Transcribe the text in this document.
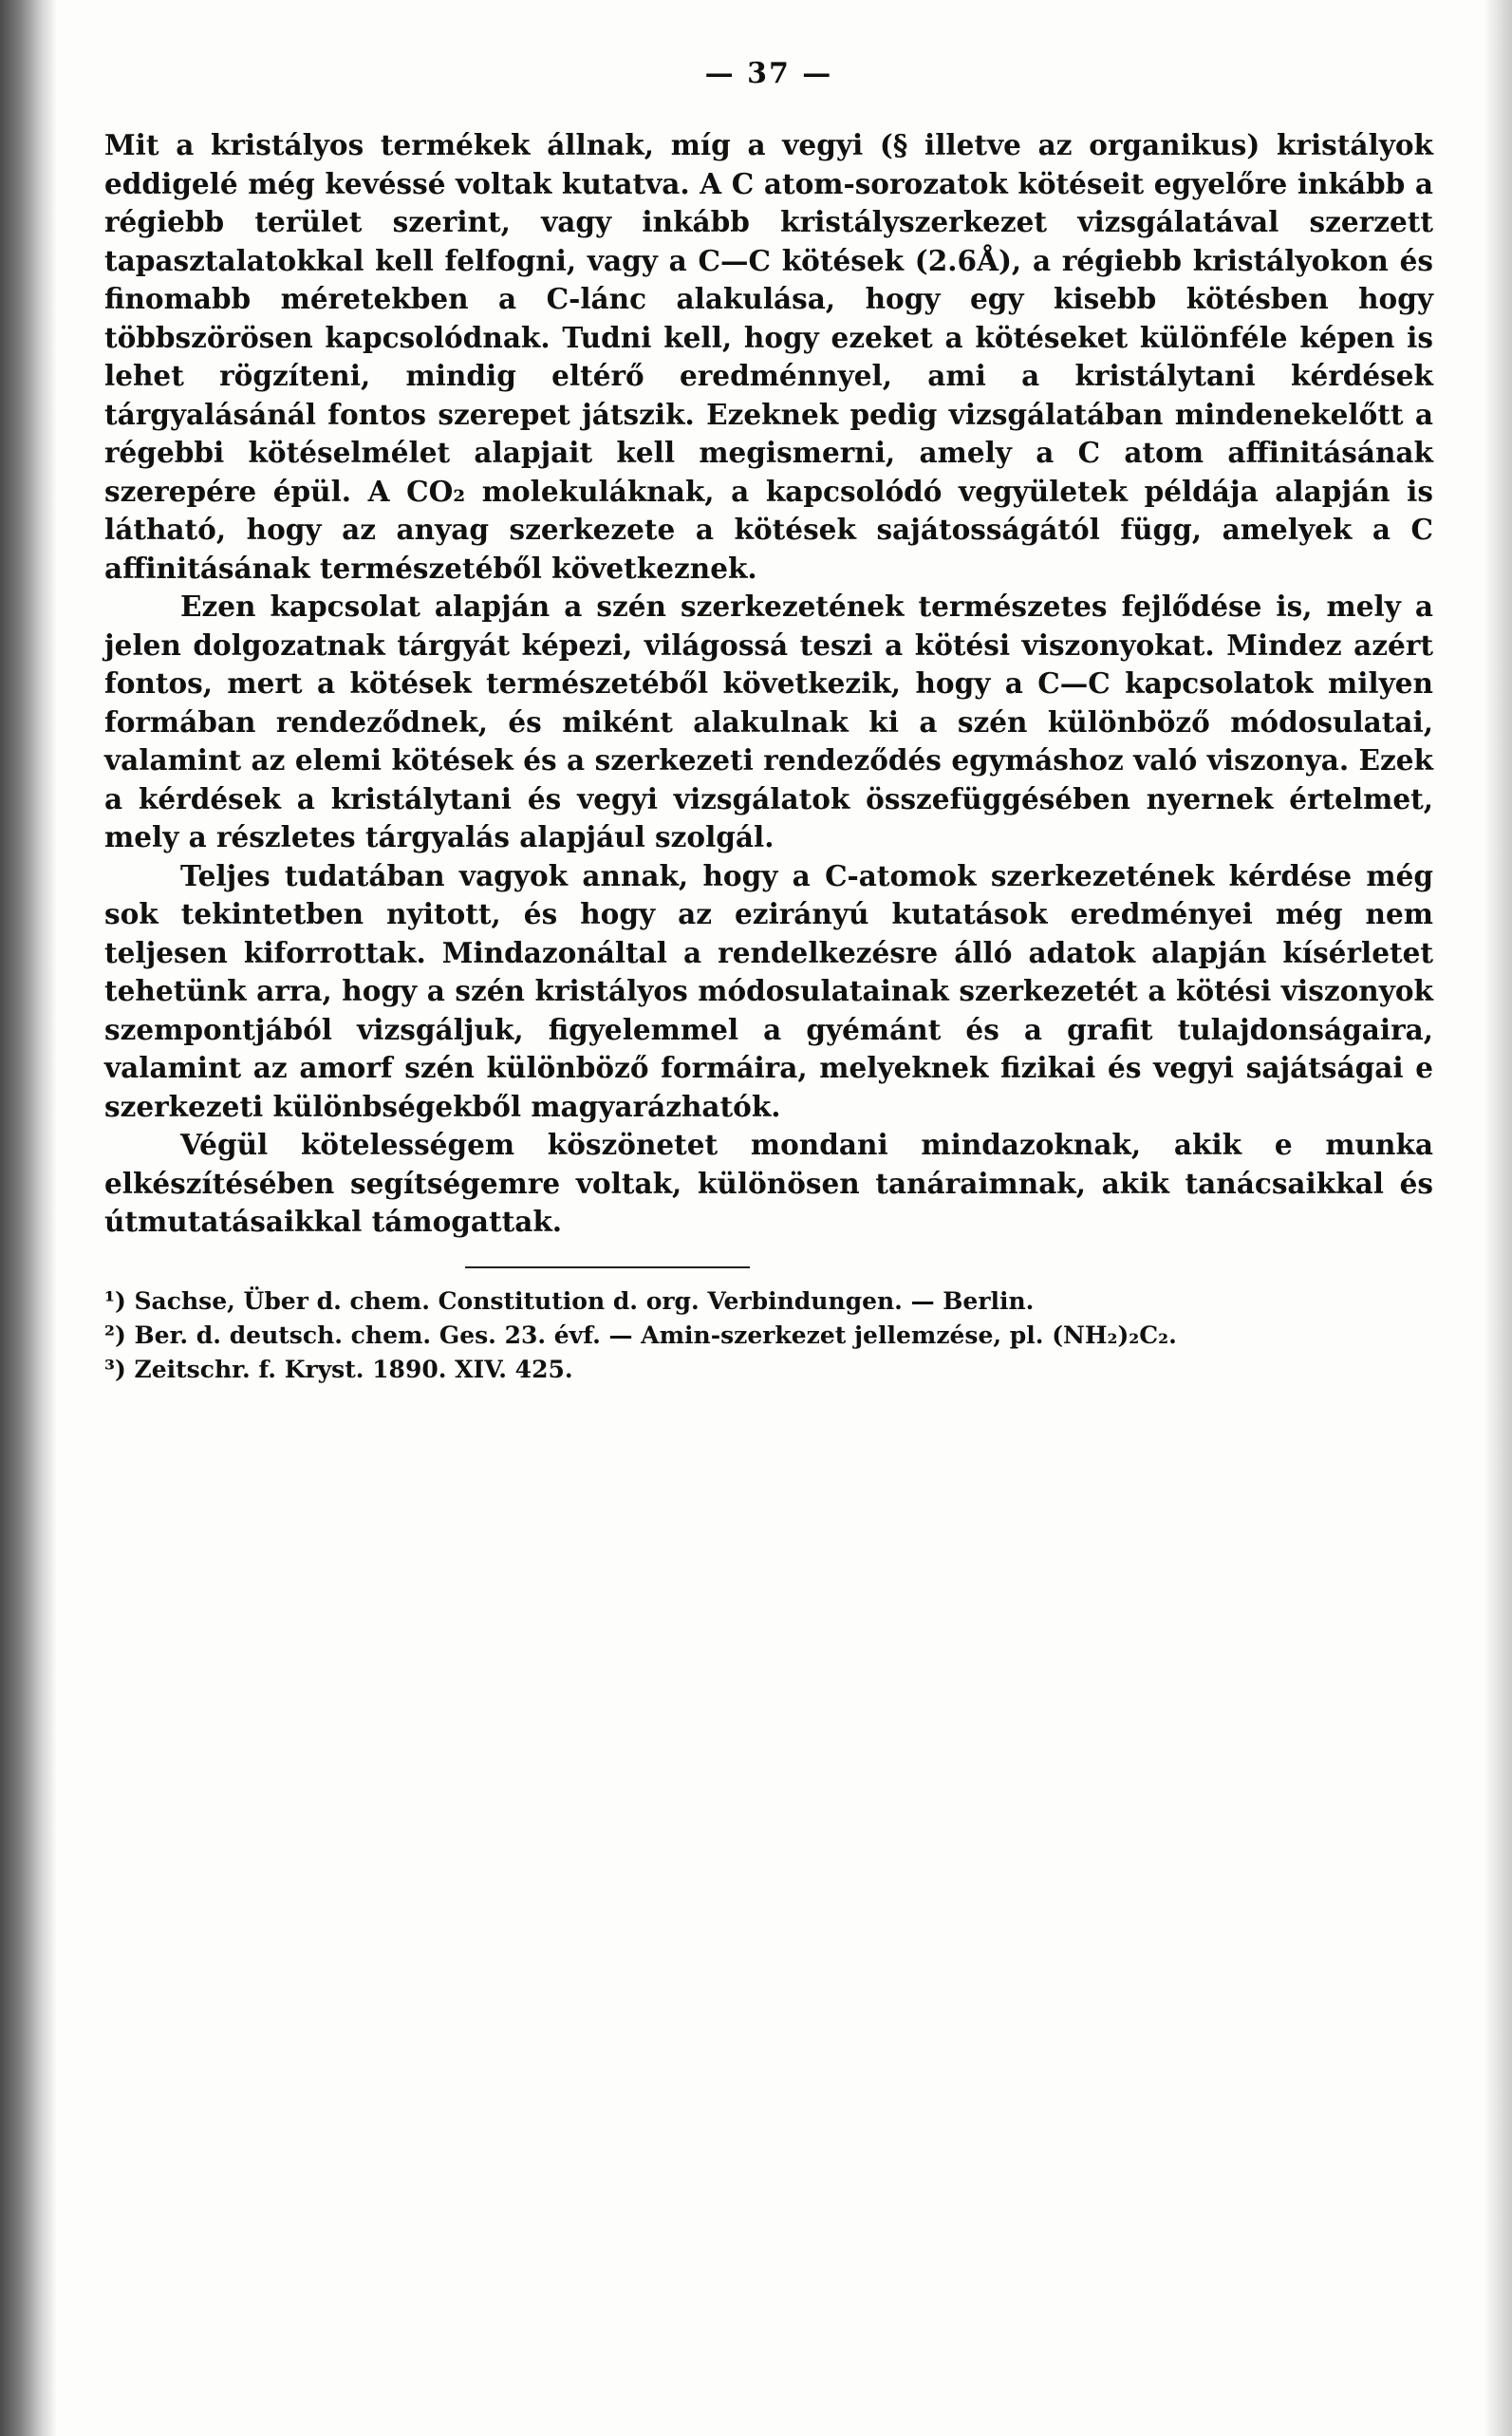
— 37 —

Mit a kristályos termékek állnak, míg a vegyi (§ illetve az organikus) kristályok eddigelé még kevéssé voltak kutatva. A C atom-sorozatok kötéseit egyelőre inkább a régiebb terület szerint, vagy inkább kristályszerkezet vizsgálatával szerzett tapasztalatokkal kell felfogni, vagy a C—C kötések (2.6Å), a régiebb kristályokon és finomabb méretekben a C-lánc alakulása, hogy egy kisebb kötésben hogy többszörösen kapcsolódnak. Tudni kell, hogy ezeket a kötéseket különféle képen is lehet rögzíteni, mindig eltérő eredménnyel, ami a kristálytani kérdések tárgyalásánál fontos szerepet játszik. Ezeknek pedig vizsgálatában mindenekelőtt a régebbi kötéselmélet alapjait kell megismerni, amely a C atom affinitásának szerepére épül. A CO₂ molekuláknak, a kapcsolódó vegyületek példája alapján is látható, hogy az anyag szerkezete a kötések sajátosságától függ, amelyek a C affinitásának természetéből következnek.

Ezen kapcsolat alapján a szén szerkezetének természetes fejlődése is, mely a jelen dolgozatnak tárgyát képezi, világossá teszi a kötési viszonyokat. Mindez azért fontos, mert a kötések természetéből következik, hogy a C—C kapcsolatok milyen formában rendeződnek, és miként alakulnak ki a szén különböző módosulatai, valamint az elemi kötések és a szerkezeti rendeződés egymáshoz való viszonya. Ezek a kérdések a kristálytani és vegyi vizsgálatok összefüggésében nyernek értelmet, mely a részletes tárgyalás alapjául szolgál.

Teljes tudatában vagyok annak, hogy a C-atomok szerkezetének kérdése még sok tekintetben nyitott, és hogy az ezirányú kutatások eredményei még nem teljesen kiforrottak. Mindazonáltal a rendelkezésre álló adatok alapján kísérletet tehetünk arra, hogy a szén kristályos módosulatainak szerkezetét a kötési viszonyok szempontjából vizsgáljuk, figyelemmel a gyémánt és a grafit tulajdonságaira, valamint az amorf szén különböző formáira, melyeknek fizikai és vegyi sajátságai e szerkezeti különbségekből magyarázhatók.

Végül kötelességem köszönetet mondani mindazoknak, akik e munka elkészítésében segítségemre voltak, különösen tanáraimnak, akik tanácsaikkal és útmutatásaikkal támogattak.

¹) Sachse, Über d. chem. Constitution d. org. Verbindungen. — Berlin.

²) Ber. d. deutsch. chem. Ges. 23. évf. — Amin-szerkezet jellemzése, pl. (NH₂)₂C₂.

³) Zeitschr. f. Kryst. 1890. XIV. 425.
